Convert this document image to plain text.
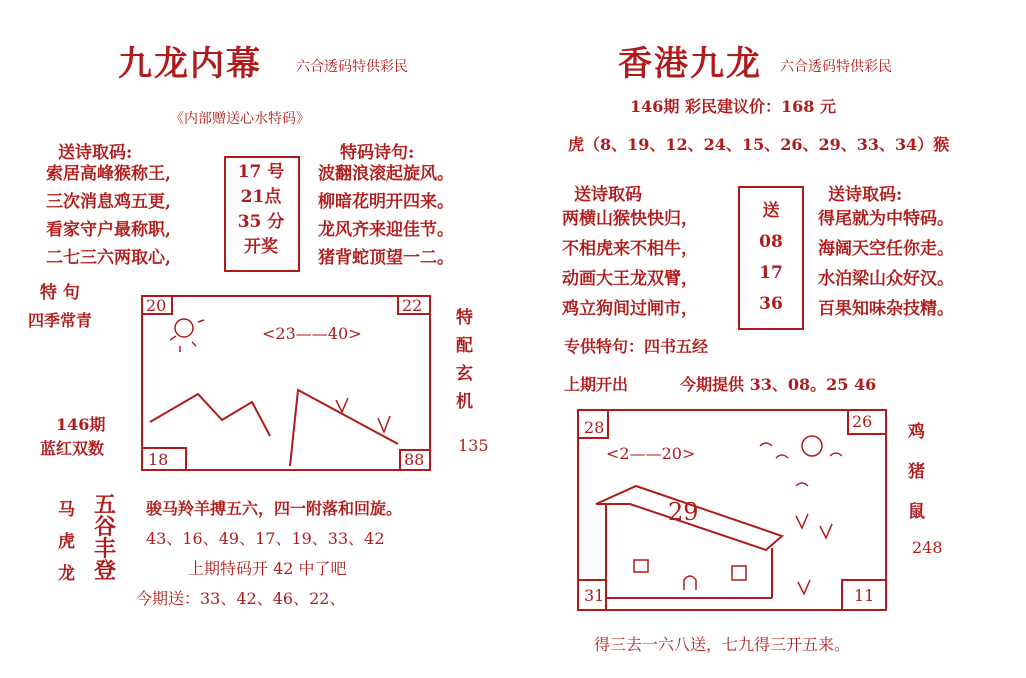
九龙内幕 六合透码特供彩民
《内部赠送心水特码》
送诗取码:
索居高峰猴称王,
三次消息鸡五更,
看家守户最称职,
二七三六两取心,
17 号
21点
35 分
开奖
特码诗句:
波翻浪滚起旋风。
柳暗花明开四来。
龙风齐来迎佳节。
猪背蛇顶望一二。
特 句
四季常青
146期
蓝红双数
特
配
玄
机
135
20	22
<23——40>
18	88
马
虎
龙
五
谷
丰
登
骏马羚羊搏五六，四一附落和回旋。
43、16、49、17、19、33、42
上期特码开 42 中了吧
今期送：33、42、46、22、
香港九龙 六合透码特供彩民
146期 彩民建议价：168 元
虎（8、19、12、24、15、26、29、33、34）猴
送诗取码
两横山猴快快归，
不相虎来不相牛，
动画大王龙双臂，
鸡立狗间过闸市，
送
08
17
36
送诗取码:
得尾就为中特码。
海阔天空任你走。
水泊梁山众好汉。
百果知味杂技精。
专供特句：四书五经
上期开出	今期提供 33、08。25 46
28	26
<2——20>
29
31	11
鸡
猪
鼠
248
得三去一六八送，七九得三开五来。
